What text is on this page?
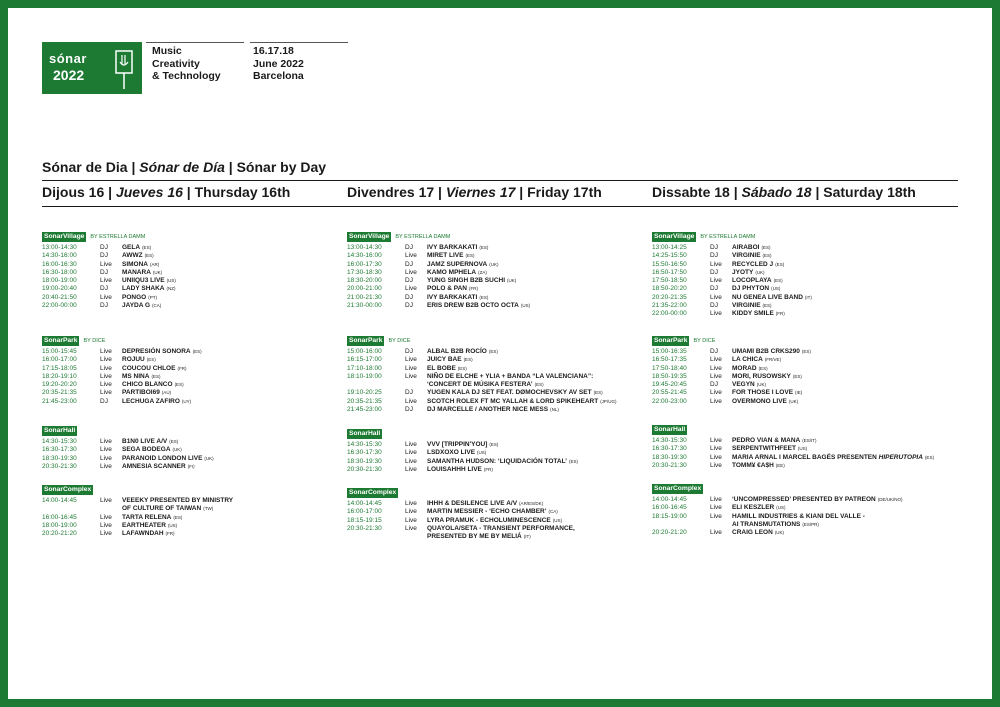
sónar
2022
Music
Creativity
& Technology
16.17.18
June 2022
Barcelona
Sónar de Dia | Sónar de Día | Sónar by Day
Dijous 16 | Jueves 16 | Thursday 16th	Divendres 17 | Viernes 17 | Friday 17th	Dissabte 18 | Sábado 18 | Saturday 18th
SonarVillage	BY ESTRELLA DAMM
13:00-14:30	DJ	GELA (ES)
14:30-16:00	DJ	AWWZ (ES)
16:00-16:30	Live	SIMONA (AR)
16:30-18:00	DJ	MANARA (UK)
18:00-19:00	Live	UNIIQU3 LIVE (US)
19:00-20:40	DJ	LADY SHAKA (NZ)
20:40-21:50	Live	PONGO (PT)
22:00-00:00	DJ	JAYDA G (CA)
SonarPark	BY DICE
15:00-15:45	Live	DEPRESIÓN SONORA (ES)
16:00-17:00	Live	ROJUU (ES)
17:15-18:05	Live	COUCOU CHLOE (FR)
18:20-19:10	Live	MS NINA (ES)
19:20-20:20	Live	CHICO BLANCO (ES)
20:35-21:35	Live	PARTIBOI69 (AU)
21:45-23:00	DJ	LECHUGA ZAFIRO (UY)
SonarHall
14:30-15:30	Live	B1N0 LIVE A/V (ES)
16:30-17:30	Live	SEGA BODEGA (UK)
18:30-19:30	Live	PARANOID LONDON LIVE (UK)
20:30-21:30	Live	AMNESIA SCANNER (FI)
SonarComplex
14:00-14:45	Live	VEEEKY PRESENTED BY MINISTRY
OF CULTURE OF TAIWAN (TW)
16:00-16:45	Live	TARTA RELENA (ES)
18:00-19:00	Live	EARTHEATER (US)
20:20-21:20	Live	LAFAWNDAH (FR)
SonarVillage	BY ESTRELLA DAMM
13:00-14:30	DJ	IVY BARKAKATI (ES)
14:30-16:00	Live	MIRET LIVE (ES)
16:00-17:30	DJ	JAMZ SUPERNOVA (UK)
17:30-18:30	Live	KAMO MPHELA (ZA)
18:30-20:00	DJ	YUNG SINGH B2B SUCHI (UK)
20:00-21:00	Live	POLO & PAN (FR)
21:00-21:30	DJ	IVY BARKAKATI (ES)
21:30-00:00	DJ	ERIS DREW B2B OCTO OCTA (US)
SonarPark	BY DICE
15:00-16:00	DJ	ALBAL B2B ROCÍO (ES)
16:15-17:00	Live	JUICY BAE (ES)
17:10-18:00	Live	EL BOBE (ES)
18:10-19:00	Live	NIÑO DE ELCHE + YLIA + BANDA “LA VALENCIANA”:
‘CONCERT DE MÚSIKA FESTERA’ (ES)
19:10-20:25	DJ	YUGEN KALA DJ SET FEAT. DØMOCHEVSKY AV SET (ES)
20:35-21:35	Live	SCOTCH ROLEX FT MC YALLAH & LORD SPIKEHEART (JP/UG)
21:45-23:00	DJ	DJ MARCELLE / ANOTHER NICE MESS (NL)
SonarHall
14:30-15:30	Live	VVV [TRIPPIN'YOU] (ES)
16:30-17:30	Live	LSDXOXO LIVE (US)
18:30-19:30	Live	SAMANTHA HUDSON: ‘LIQUIDACIÓN TOTAL’ (ES)
20:30-21:30	Live	LOUISAHHH LIVE (FR)
SonarComplex
14:00-14:45	Live	IHHH & DESILENCE LIVE A/V (AR/ES/DK)
16:00-17:00	Live	MARTIN MESSIER - ‘ECHO CHAMBER’ (CA)
18:15-19:15	Live	LYRA PRAMUK - ECHOLUMINESCENCE (US)
20:30-21:30	Live	QUAYOLA/SETA - TRANSIENT PERFORMANCE,
PRESENTED BY ME BY MELIÁ (IT)
SonarVillage	BY ESTRELLA DAMM
13:00-14:25	DJ	AIRABOI (ES)
14:25-15:50	DJ	VIRGINIE (ES)
15:50-16:50	Live	RECYCLED J (ES)
16:50-17:50	DJ	JYOTY (UK)
17:50-18:50	Live	LOCOPLAYA (ES)
18:50-20:20	DJ	DJ PHYTON (US)
20:20-21:35	Live	NU GENEA LIVE BAND (IT)
21:35-22:00	DJ	VIRGINIE (ES)
22:00-00:00	Live	KIDDY SMILE (FR)
SonarPark	BY DICE
15:00-16:35	DJ	UMAMI B2B CRKS290 (ES)
16:50-17:35	Live	LA CHICA (FR/VE)
17:50-18:40	Live	MORAD (ES)
18:50-19:35	Live	MORI, RUSOWSKY (ES)
19:45-20:45	DJ	VEGYN (UK)
20:55-21:45	Live	FOR THOSE I LOVE (IE)
22:00-23:00	Live	OVERMONO LIVE (UK)
SonarHall
14:30-15:30	Live	PEDRO VIAN & MANA (ES/IT)
16:30-17:30	Live	SERPENTWITHFEET (US)
18:30-19:30	Live	MARIA ARNAL I MARCEL BAGÉS PRESENTEN HIPERUTOPIA (ES)
20:30-21:30	Live	TOMM¥ €A$H (EE)
SonarComplex
14:00-14:45	Live	‘UNCOMPRESSED’ PRESENTED BY PATREON (DE/UK/NO)
16:00-16:45	Live	ELI KESZLER (US)
18:15-19:00	Live	HAMILL INDUSTRIES & KIANI DEL VALLE -
AI TRANSMUTATIONS (ES/PR)
20:20-21:20	Live	CRAIG LEON (UK)
